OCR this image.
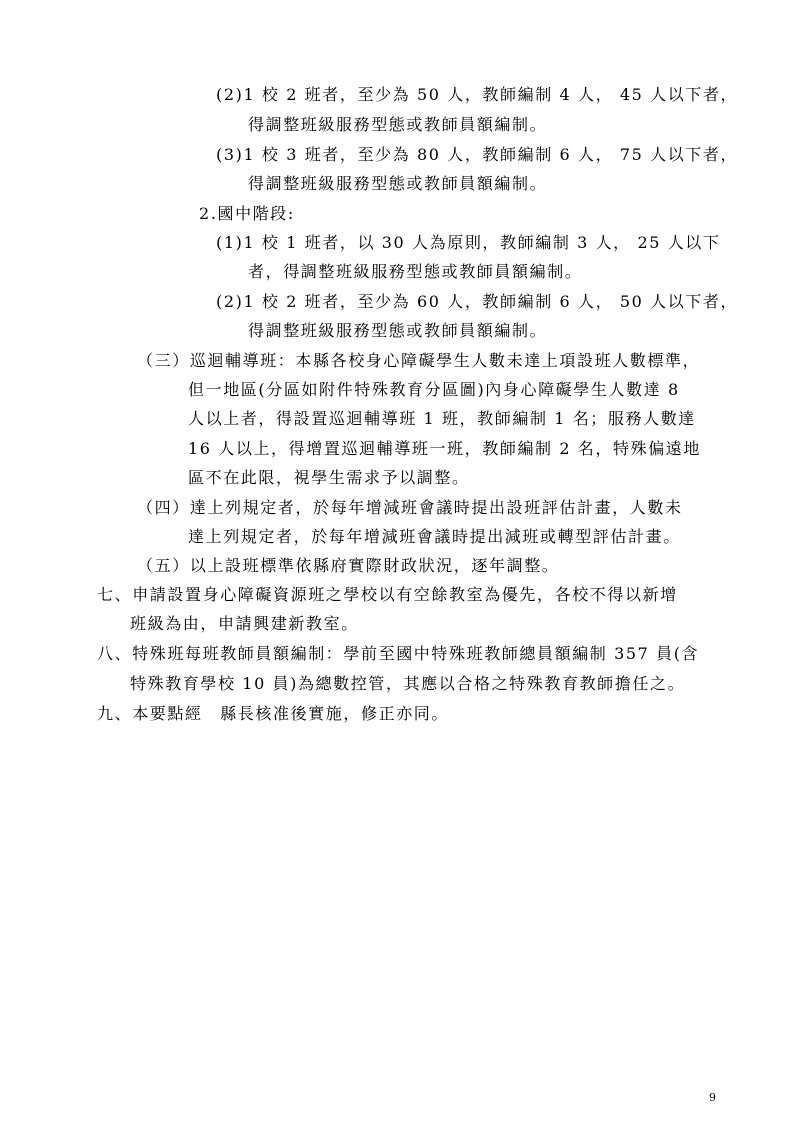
(2)1 校 2 班者，至少為 50 人，教師編制 4 人， 45 人以下者，
得調整班級服務型態或教師員額編制。
(3)1 校 3 班者，至少為 80 人，教師編制 6 人， 75 人以下者，
得調整班級服務型態或教師員額編制。
2.國中階段:
(1)1 校 1 班者，以 30 人為原則，教師編制 3 人， 25 人以下
者，得調整班級服務型態或教師員額編制。
(2)1 校 2 班者，至少為 60 人，教師編制 6 人， 50 人以下者，
得調整班級服務型態或教師員額編制。
（三）巡迴輔導班：本縣各校身心障礙學生人數未達上項設班人數標準，
但一地區(分區如附件特殊教育分區圖)內身心障礙學生人數達 8
人以上者，得設置巡迴輔導班 1 班，教師編制 1 名；服務人數達
16 人以上，得增置巡迴輔導班一班，教師編制 2 名，特殊偏遠地
區不在此限，視學生需求予以調整。
（四）達上列規定者，於每年增減班會議時提出設班評估計畫，人數未
達上列規定者，於每年增減班會議時提出減班或轉型評估計畫。
（五）以上設班標準依縣府實際財政狀況，逐年調整。
七、申請設置身心障礙資源班之學校以有空餘教室為優先，各校不得以新增
班級為由，申請興建新教室。
八、特殊班每班教師員額編制：學前至國中特殊班教師總員額編制 357 員(含
特殊教育學校 10 員)為總數控管，其應以合格之特殊教育教師擔任之。
九、本要點經　縣長核准後實施，修正亦同。
9
